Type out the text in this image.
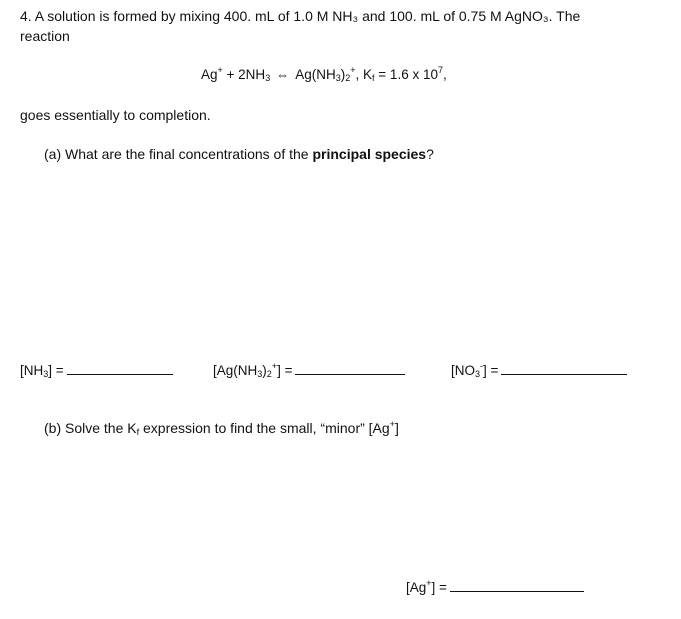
4. A solution is formed by mixing 400. mL of 1.0 M NH₃ and 100. mL of 0.75 M AgNO₃. The
reaction
$Ag^+ + 2NH_3$ ⇔ $Ag(NH_3)_2^+$, $K_f = 1.6$ x $10^7$,
goes essentially to completion.
(a) What are the final concentrations of the principal species?
$[NH_3]$ =	$[Ag(NH_3)_2^+]$ =	$[NO_3^-]$ =
(b) Solve the $K_f$ expression to find the small, “minor” [Ag+]
[Ag+] =
